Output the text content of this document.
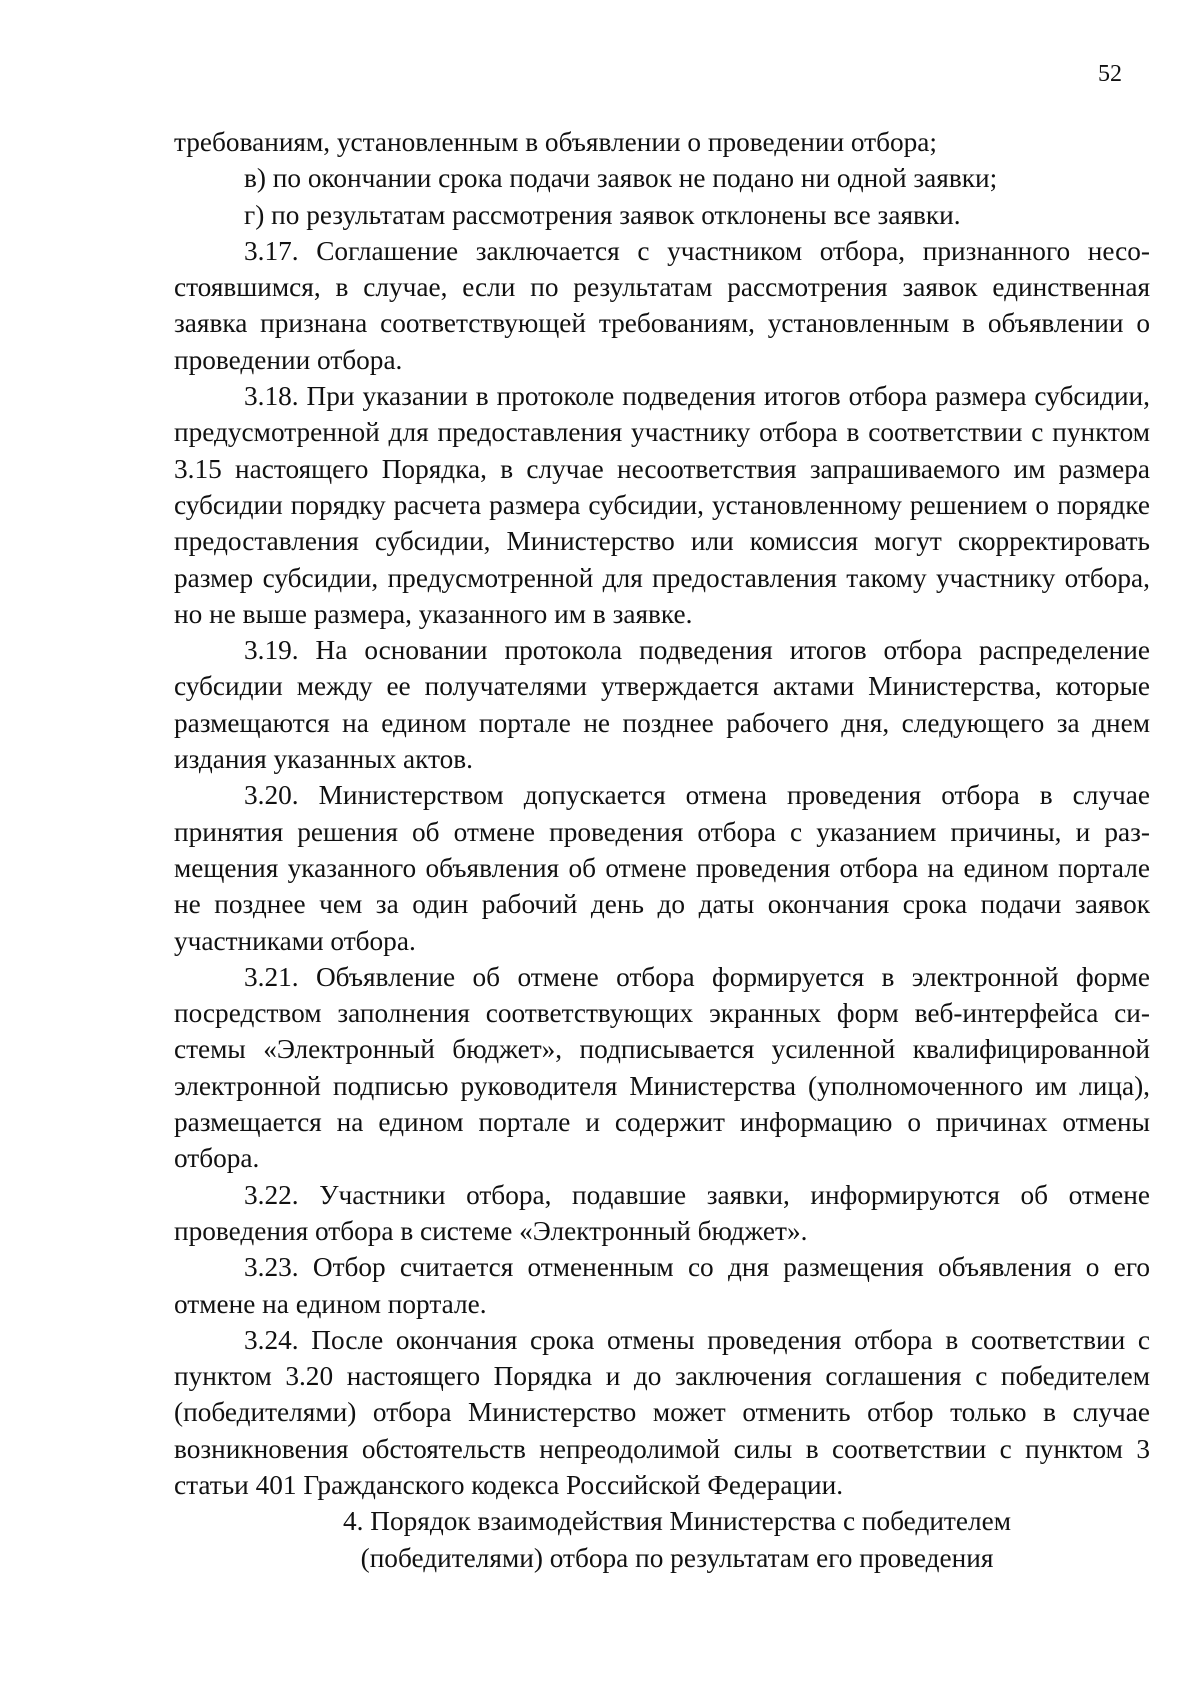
52

требованиям, установленным в объявлении о проведении отбора;

в) по окончании срока подачи заявок не подано ни одной заявки;

г) по результатам рассмотрения заявок отклонены все заявки.

3.17. Соглашение заключается с участником отбора, признанного несостоявшимся, в случае, если по результатам рассмотрения заявок единственная заявка признана соответствующей требованиям, установленным в объявлении о проведении отбора.

3.18. При указании в протоколе подведения итогов отбора размера субсидии, предусмотренной для предоставления участнику отбора в соответствии с пунктом 3.15 настоящего Порядка, в случае несоответствия запрашиваемого им размера субсидии порядку расчета размера субсидии, установленному решением о порядке предоставления субсидии, Министерство или комиссия могут скорректировать размер субсидии, предусмотренной для предоставления такому участнику отбора, но не выше размера, указанного им в заявке.

3.19. На основании протокола подведения итогов отбора распределение субсидии между ее получателями утверждается актами Министерства, которые размещаются на едином портале не позднее рабочего дня, следующего за днем издания указанных актов.

3.20. Министерством допускается отмена проведения отбора в случае принятия решения об отмене проведения отбора с указанием причины, и размещения указанного объявления об отмене проведения отбора на едином портале не позднее чем за один рабочий день до даты окончания срока подачи заявок участниками отбора.

3.21. Объявление об отмене отбора формируется в электронной форме посредством заполнения соответствующих экранных форм веб-интерфейса системы «Электронный бюджет», подписывается усиленной квалифицированной электронной подписью руководителя Министерства (уполномоченного им лица), размещается на едином портале и содержит информацию о причинах отмены отбора.

3.22. Участники отбора, подавшие заявки, информируются об отмене проведения отбора в системе «Электронный бюджет».

3.23. Отбор считается отмененным со дня размещения объявления о его отмене на едином портале.

3.24. После окончания срока отмены проведения отбора в соответствии с пунктом 3.20 настоящего Порядка и до заключения соглашения с победителем (победителями) отбора Министерство может отменить отбор только в случае возникновения обстоятельств непреодолимой силы в соответствии с пунктом 3 статьи 401 Гражданского кодекса Российской Федерации.

4. Порядок взаимодействия Министерства с победителем
(победителями) отбора по результатам его проведения
